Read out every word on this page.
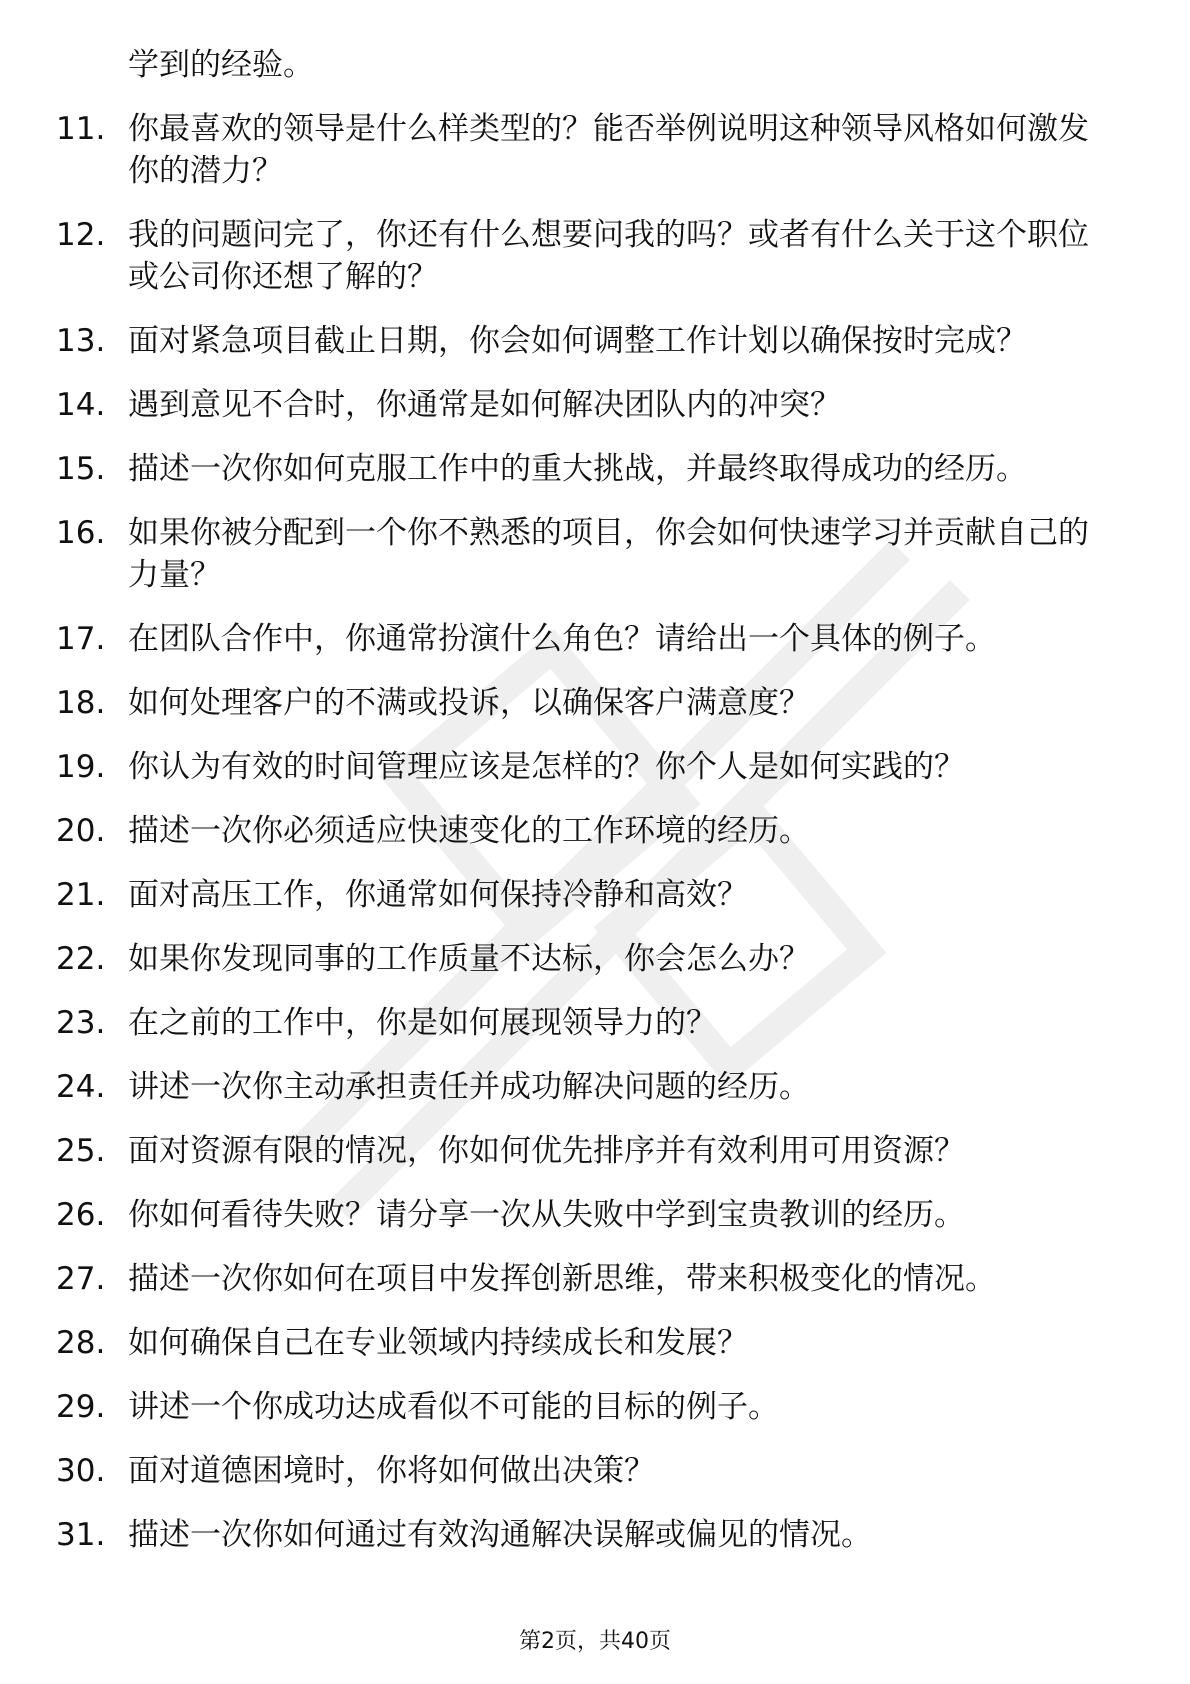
学到的经验。
11. 你最喜欢的领导是什么样类型的？能否举例说明这种领导风格如何激发你的潜力？
12. 我的问题问完了，你还有什么想要问我的吗？或者有什么关于这个职位或公司你还想了解的？
13. 面对紧急项目截止日期，你会如何调整工作计划以确保按时完成？
14. 遇到意见不合时，你通常是如何解决团队内的冲突？
15. 描述一次你如何克服工作中的重大挑战，并最终取得成功的经历。
16. 如果你被分配到一个你不熟悉的项目，你会如何快速学习并贡献自己的力量？
17. 在团队合作中，你通常扮演什么角色？请给出一个具体的例子。
18. 如何处理客户的不满或投诉，以确保客户满意度？
19. 你认为有效的时间管理应该是怎样的？你个人是如何实践的？
20. 描述一次你必须适应快速变化的工作环境的经历。
21. 面对高压工作，你通常如何保持冷静和高效？
22. 如果你发现同事的工作质量不达标，你会怎么办？
23. 在之前的工作中，你是如何展现领导力的？
24. 讲述一次你主动承担责任并成功解决问题的经历。
25. 面对资源有限的情况，你如何优先排序并有效利用可用资源？
26. 你如何看待失败？请分享一次从失败中学到宝贵教训的经历。
27. 描述一次你如何在项目中发挥创新思维，带来积极变化的情况。
28. 如何确保自己在专业领域内持续成长和发展？
29. 讲述一个你成功达成看似不可能的目标的例子。
30. 面对道德困境时，你将如何做出决策？
31. 描述一次你如何通过有效沟通解决误解或偏见的情况。
第2页，共40页
